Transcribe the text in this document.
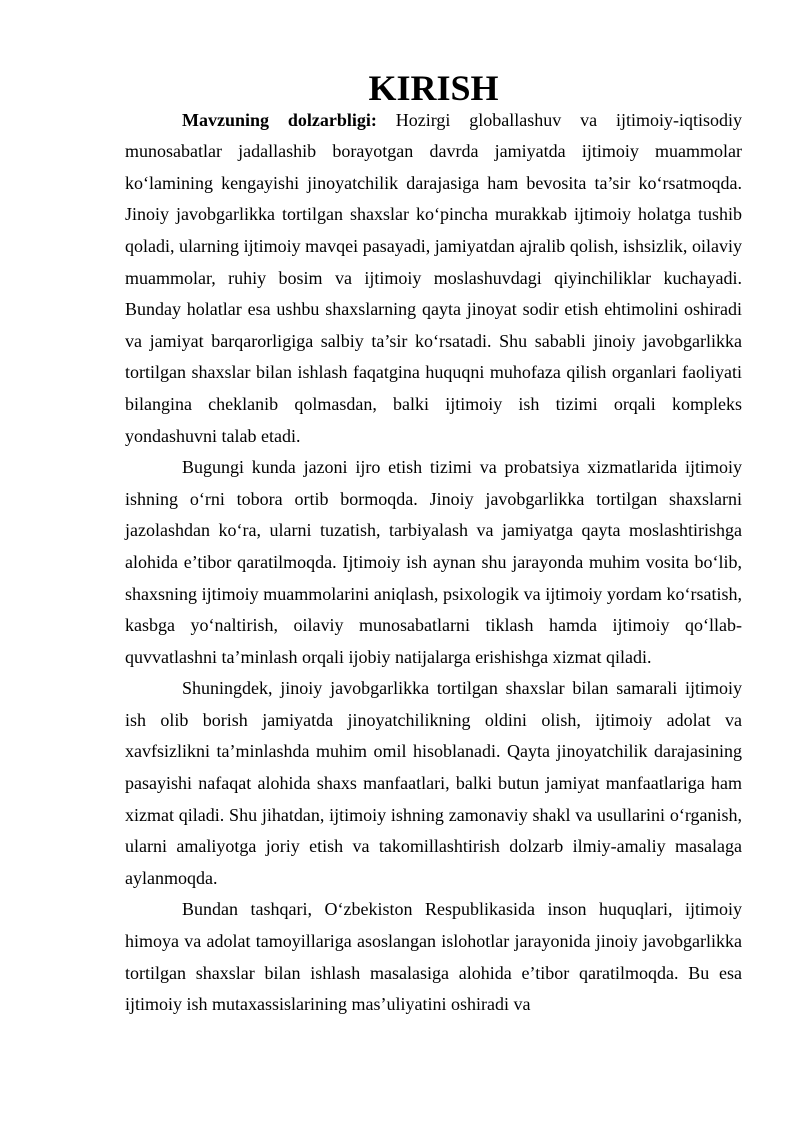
KIRISH

Mavzuning dolzarbligi: Hozirgi globallashuv va ijtimoiy-iqtisodiy munosabatlar jadallashib borayotgan davrda jamiyatda ijtimoiy muammolar ko‘lamining kengayishi jinoyatchilik darajasiga ham bevosita ta’sir ko‘rsatmoqda. Jinoiy javobgarlikka tortilgan shaxslar ko‘pincha murakkab ijtimoiy holatga tushib qoladi, ularning ijtimoiy mavqei pasayadi, jamiyatdan ajralib qolish, ishsizlik, oilaviy muammolar, ruhiy bosim va ijtimoiy moslashuvdagi qiyinchiliklar kuchayadi. Bunday holatlar esa ushbu shaxslarning qayta jinoyat sodir etish ehtimolini oshiradi va jamiyat barqarorligiga salbiy ta’sir ko‘rsatadi. Shu sababli jinoiy javobgarlikka tortilgan shaxslar bilan ishlash faqatgina huquqni muhofaza qilish organlari faoliyati bilangina cheklanib qolmasdan, balki ijtimoiy ish tizimi orqali kompleks yondashuvni talab etadi.

Bugungi kunda jazoni ijro etish tizimi va probatsiya xizmatlarida ijtimoiy ishning o‘rni tobora ortib bormoqda. Jinoiy javobgarlikka tortilgan shaxslarni jazolashdan ko‘ra, ularni tuzatish, tarbiyalash va jamiyatga qayta moslashtirishga alohida e’tibor qaratilmoqda. Ijtimoiy ish aynan shu jarayonda muhim vosita bo‘lib, shaxsning ijtimoiy muammolarini aniqlash, psixologik va ijtimoiy yordam ko‘rsatish, kasbga yo‘naltirish, oilaviy munosabatlarni tiklash hamda ijtimoiy qo‘llab-quvvatlashni ta’minlash orqali ijobiy natijalarga erishishga xizmat qiladi.

Shuningdek, jinoiy javobgarlikka tortilgan shaxslar bilan samarali ijtimoiy ish olib borish jamiyatda jinoyatchilikning oldini olish, ijtimoiy adolat va xavfsizlikni ta’minlashda muhim omil hisoblanadi. Qayta jinoyatchilik darajasining pasayishi nafaqat alohida shaxs manfaatlari, balki butun jamiyat manfaatlariga ham xizmat qiladi. Shu jihatdan, ijtimoiy ishning zamonaviy shakl va usullarini o‘rganish, ularni amaliyotga joriy etish va takomillashtirish dolzarb ilmiy-amaliy masalaga aylanmoqda.

Bundan tashqari, O‘zbekiston Respublikasida inson huquqlari, ijtimoiy himoya va adolat tamoyillariga asoslangan islohotlar jarayonida jinoiy javobgarlikka tortilgan shaxslar bilan ishlash masalasiga alohida e’tibor qaratilmoqda. Bu esa ijtimoiy ish mutaxassislarining mas’uliyatini oshiradi va
